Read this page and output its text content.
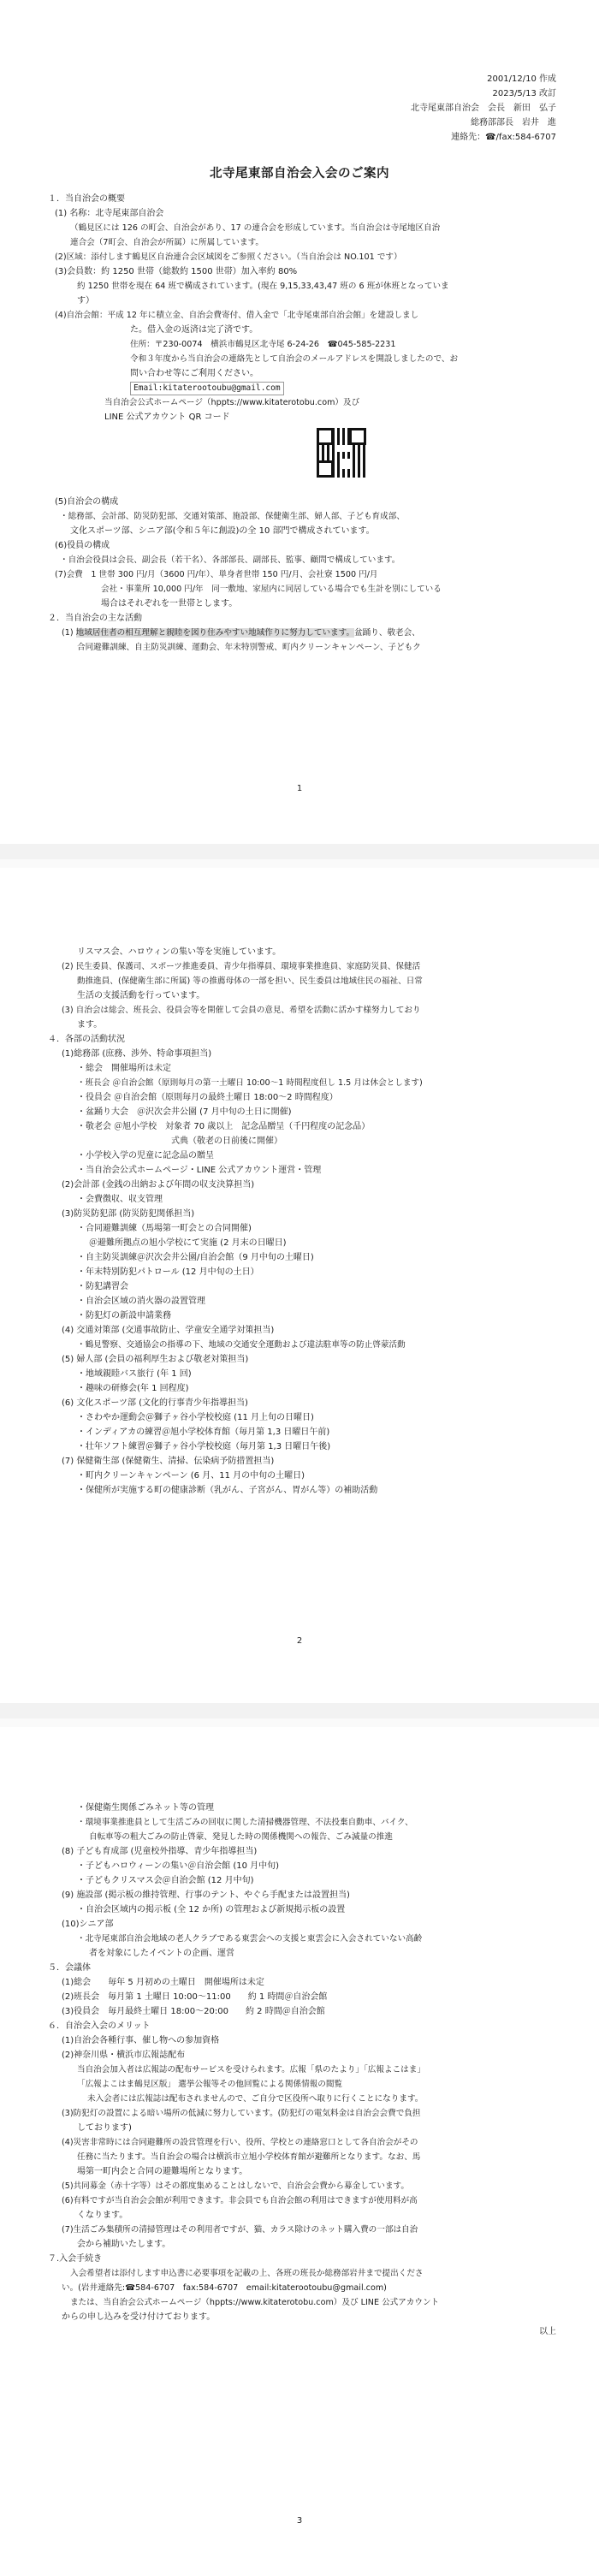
2001/12/10 作成
2023/5/13 改訂
北寺尾東部自治会　会長　新田　弘子
総務部部長　岩井　進
連絡先：☎/fax:584-6707
北寺尾東部自治会入会のご案内
１．当自治会の概要
(1) 名称：北寺尾東部自治会
（鶴見区には 126 の町会、自治会があり、17 の連合会を形成しています。当自治会は寺尾地区自治
連合会（7町会、自治会が所属）に所属しています。
(2)区域：添付します鶴見区自治連合会区域図をご参照ください。（当自治会は NO.101 です）
(3)会員数：約 1250 世帯（総数約 1500 世帯）加入率約 80%
約 1250 世帯を現在 64 班で構成されています。(現在 9,15,33,43,47 班の 6 班が休班となっていま
す）
(4)自治会館：平成 12 年に積立金、自治会費寄付、借入金で「北寺尾東部自治会館」を建設しまし
た。借入金の返済は完了済です。
住所：〒230-0074　横浜市鶴見区北寺尾 6-24-26　☎045-585-2231
令和３年度から当自治会の連絡先として自治会のメールアドレスを開設しましたので、お
問い合わせ等にご利用ください。
Email:kitaterootoubu@gmail.com
当自治会公式ホームページ（hppts://www.kitaterotobu.com）及び
LINE 公式アカウント QR コード
(5)自治会の構成
・総務部、会計部、防災防犯部、交通対策部、施設部、保健衛生部、婦人部、子ども育成部、
文化スポーツ部、シニア部(令和５年に創設)の全 10 部門で構成されています。
(6)役員の構成
・自治会役員は会長、副会長（若干名）、各部部長、副部長、監事、顧問で構成しています。
(7)会費　1 世帯 300 円/月（3600 円/年）、単身者世帯 150 円/月、会社寮 1500 円/月
会社・事業所 10,000 円/年　同一敷地、家屋内に同居している場合でも生計を別にしている
場合はそれぞれを一世帯とします。
２．当自治会の主な活動
(1) 地域居住者の相互理解と親睦を図り住みやすい地域作りに努力しています。盆踊り、敬老会、
合同避難訓練、自主防災訓練、運動会、年末特別警戒、町内クリーンキャンペーン、子どもク
1
リスマス会、ハロウィンの集い等を実施しています。
(2) 民生委員、保護司、スポーツ推進委員、青少年指導員、環境事業推進員、家庭防災員、保健活
動推進員、(保健衛生部に所属) 等の推薦母体の一部を担い、民生委員は地域住民の福祉、日常
生活の支援活動を行っています。
(3) 自治会は総会、班長会、役員会等を開催して会員の意見、希望を活動に活かす様努力しており
ます。
４．各部の活動状況
(1)総務部 (庶務、涉外、特命事項担当)
・総会　開催場所は未定
・班長会 ＠自治会館（原則毎月の第一土曜日 10:00～1 時間程度但し 1.5 月は休会とします)
・役員会 ＠自治会館（原則毎月の最終土曜日 18:00～2 時間程度）
・盆踊り大会　＠沢次会井公園 (7 月中旬の土日に開催)
・敬老会 ＠旭小学校　対象者 70 歳以上　記念品贈呈（千円程度の記念品）
式典（敬老の日前後に開催）
・小学校入学の児童に記念品の贈呈
・当自治会公式ホームページ・LINE 公式アカウント運営・管理
(2)会計部 (金銭の出納および年間の収支決算担当)
・会費徴収、収支管理
(3)防災防犯部 (防災防犯関係担当)
・合同避難訓練（馬場第一町会との合同開催)
＠避難所拠点の旭小学校にて実施 (2 月末の日曜日)
・自主防災訓練＠沢次会井公園/自治会館（9 月中旬の土曜日)
・年末特別防犯パトロール (12 月中旬の土日）
・防犯講習会
・自治会区域の消火器の設置管理
・防犯灯の新設申請業務
(4) 交通対策部 (交通事故防止、学童安全通学対策担当)
・鶴見警察、交通協会の指導の下、地域の交通安全運動および違法駐車等の防止啓蒙活動
(5) 婦人部 (会員の福利厚生および敬老対策担当)
・地域親睦バス旅行 (年 1 回)
・趣味の研修会(年 1 回程度)
(6) 文化スポーツ部 (文化的行事青少年指導担当)
・さわやか運動会＠獅子ヶ谷小学校校庭 (11 月上旬の日曜日)
・インディアカの練習＠旭小学校体育館（毎月第 1,3 日曜日午前)
・壮年ソフト練習＠獅子ヶ谷小学校校庭（毎月第 1,3 日曜日午後)
(7) 保健衛生部 (保健衛生、清掃、伝染病予防措置担当)
・町内クリーンキャンペーン (6 月、11 月の中旬の土曜日)
・保健所が実施する町の健康診断（乳がん、子宮がん、胃がん等）の補助活動
2
・保健衛生関係ごみネット等の管理
・環境事業推進員として生活ごみの回収に関した清掃機器管理、不法投棄自動車、バイク、
自転車等の粗大ごみの防止啓蒙、発見した時の関係機関への報告、ごみ減量の推進
(8) 子ども育成部 (児童校外指導、青少年指導担当)
・子どもハロウィーンの集い＠自治会館 (10 月中旬)
・子どもクリスマス会＠自治会館 (12 月中旬)
(9) 施設部 (掲示板の維持管理、行事のテント、やぐら手配または設置担当)
・自治会区域内の掲示板 (全 12 か所) の管理および新規掲示板の設置
(10)シニア部
・北寺尾東部自治会地域の老人クラブである東雲会への支援と東雲会に入会されていない高齢
者を対象にしたイベントの企画、運営
５．会議体
(1)総会　　毎年 5 月初めの土曜日　開催場所は未定
(2)班長会　毎月第 1 土曜日 10:00～11:00　　約 1 時間＠自治会館
(3)役員会　毎月最終土曜日 18:00～20:00　　約 2 時間＠自治会館
６．自治会入会のメリット
(1)自治会各種行事、催し物への参加資格
(2)神奈川県・横浜市広報誌配布
当自治会加入者は広報誌の配布サービスを受けられます。広報「県のたより」「広報よこはま」
「広報よこはま鶴見区版」 選挙公報等その他回覧による関係情報の閲覧
未入会者には広報誌は配布されませんので、ご自分で区役所へ取りに行くことになります。
(3)防犯灯の設置による暗い場所の低減に努力しています。(防犯灯の電気料金は自治会会費で負担
しております)
(4)災害非常時には合同避難所の設営管理を行い、役所、学校との連絡窓口として各自治会がその
任務に当たります。当自治会の場合は横浜市立旭小学校体育館が避難所となります。なお、馬
場第一町内会と合同の避難場所となります。
(5)共同募金（赤十字等）はその都度集めることはしないで、自治会会費から募金しています。
(6)有料ですが当自治会会館が利用できます。非会員でも自治会館の利用はできますが使用料が高
くなります。
(7)生活ごみ集積所の清掃管理はその利用者ですが、猫、カラス除けのネット購入費の一部は自治
会から補助いたします。
７.入会手続き
入会希望者は添付します申込書に必要事項を記載の上、各班の班長か総務部岩井まで提出くださ
い。(岩井連絡先:☎584-6707　fax:584-6707　email:kitaterootoubu@gmail.com)
または、当自治会公式ホームページ（hppts://www.kitaterotobu.com）及び LINE 公式アカウント
からの申し込みを受け付けております。
以上
3
